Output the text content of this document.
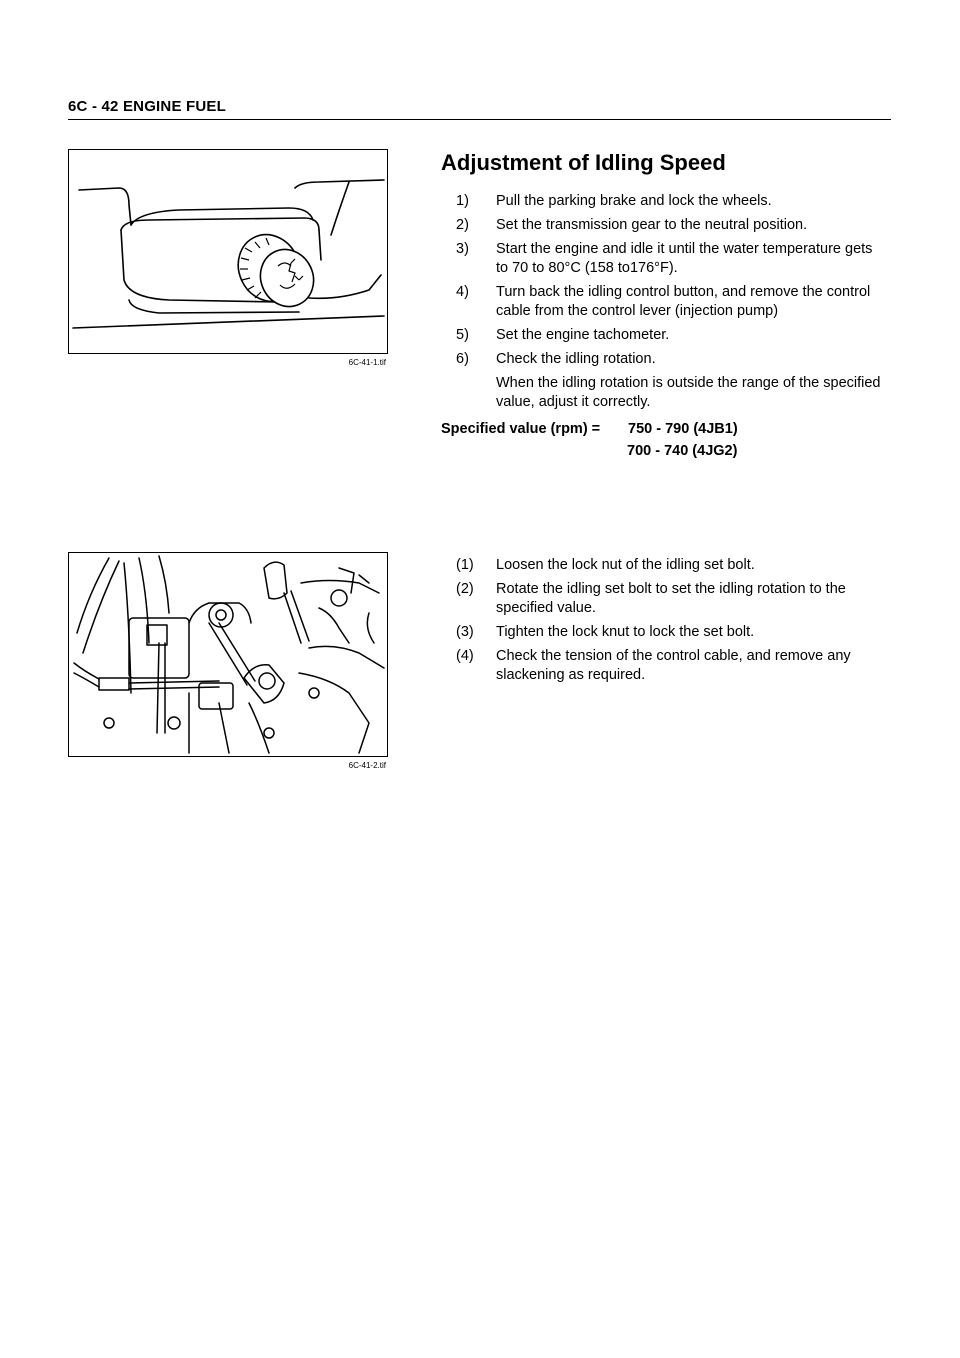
6C - 42 ENGINE FUEL
6C-41-1.tif
6C-41-2.tif
Adjustment of Idling Speed
1) Pull the parking brake and lock the wheels.
2) Set the transmission gear to the neutral position.
3) Start the engine and idle it until the water temperature gets to 70 to 80°C (158 to176°F).
4) Turn back the idling control button, and remove the control cable from the control lever (injection pump)
5) Set the engine tachometer.
6) Check the idling rotation.
When the idling rotation is outside the range of the specified value, adjust it correctly.
Specified value (rpm) = 750 - 790 (4JB1)
700 - 740 (4JG2)
(1) Loosen the lock nut of the idling set bolt.
(2) Rotate the idling set bolt to set the idling rotation to the specified value.
(3) Tighten the lock knut to lock the set bolt.
(4) Check the tension of the control cable, and remove any slackening as required.
